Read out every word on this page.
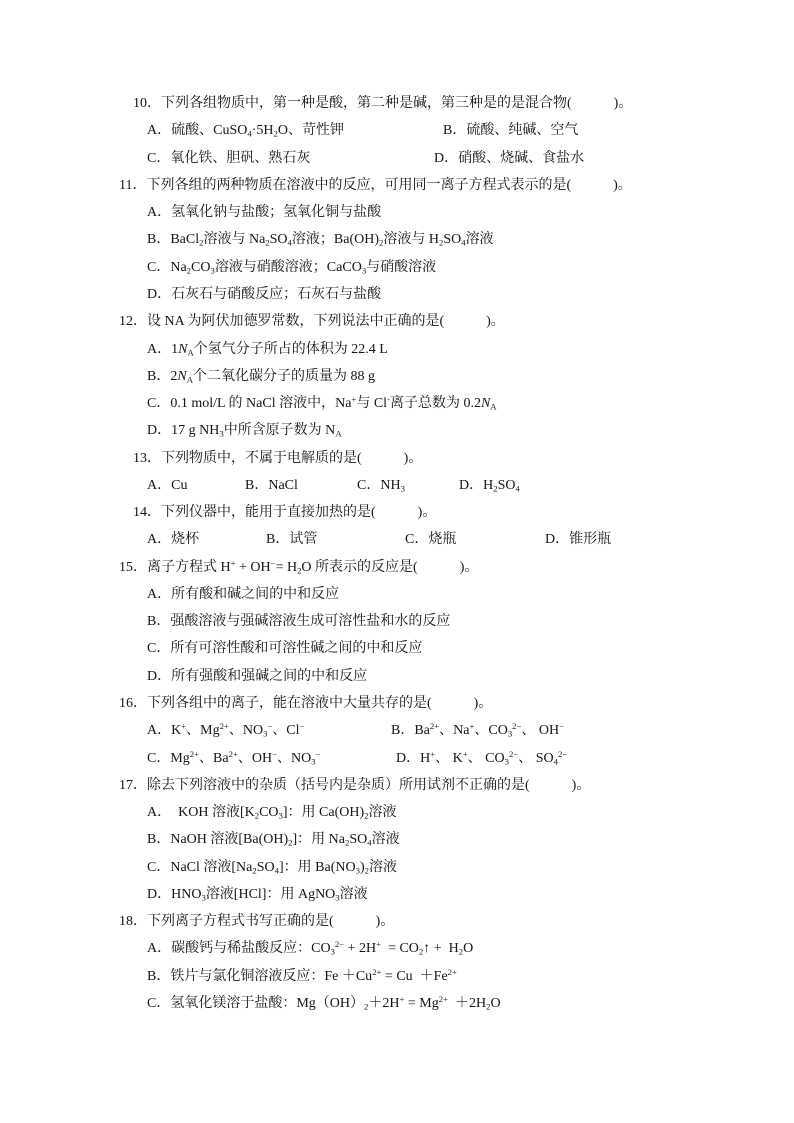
10．下列各组物质中，第一种是酸，第二种是碱，第三种是的是混合物(　　　)。
A．硫酸、$CuSO_4\cdot 5H_2O$、苛性钾	B．硫酸、纯碱、空气
C．氧化铁、胆矾、熟石灰	D．硝酸、烧碱、食盐水
11．下列各组的两种物质在溶液中的反应，可用同一离子方程式表示的是(　　　)。
A．氢氧化钠与盐酸；氢氧化铜与盐酸
B．BaCl$_2$溶液与 $Na_2SO_4$溶液；$Ba(OH)_2$溶液与 $H_2SO_4$溶液
C．$Na_2CO_3$溶液与硝酸溶液；CaCO$_3$与硝酸溶液
D．石灰石与硝酸反应；石灰石与盐酸
12．设 NA 为阿伏加德罗常数，下列说法中正确的是(　　　)。
A．$1N_A$个氢气分子所占的体积为 22.4 L
B．$2N_A$个二氧化碳分子的质量为 88 g
C．0.1 mol/L 的 NaCl 溶液中，Na+与 Cl-离子总数为 $0.2N_A$
D．17 g $NH_3$中所含原子数为 $N_A$
13．下列物质中，不属于电解质的是(　　　)。
A．Cu	B．NaCl	C．$NH_3$	D．$H_2SO_4$
14．下列仪器中，能用于直接加热的是(　　　)。
A．烧杯	B．试管	C．烧瓶	D．锥形瓶
15．离子方程式 $H^+ + OH^-= H_2O$ 所表示的反应是(　　　)。
A．所有酸和碱之间的中和反应
B．强酸溶液与强碱溶液生成可溶性盐和水的反应
C．所有可溶性酸和可溶性碱之间的中和反应
D．所有强酸和强碱之间的中和反应
16．下列各组中的离子，能在溶液中大量共存的是(　　　)。
A．K+、$Mg^{2+}$、$NO_3^-$、Cl−	B．$Ba^{2+}$、Na+、$CO_3^{2-}$、 OH−
C．$Mg^{2+}$、$Ba^{2+}$、OH−、$NO_3^-$	D．H+、 K+、 $CO_3^{2-}$、 $SO_4^{2-}$
17．除去下列溶液中的杂质（括号内是杂质）所用试剂不正确的是(　　　)。
A．  KOH 溶液$[K_2CO_3]$：用 $Ca(OH)_2$溶液
B．NaOH 溶液$[Ba(OH)_2]$：用 $Na_2SO_4$溶液
C．NaCl 溶液$[Na_2SO_4]$：用 $Ba(NO_3)_2$溶液
D．$HNO_3$溶液[HCl]：用 AgNO$_3$溶液
18．下列离子方程式书写正确的是(　　　)。
A．碳酸钙与稀盐酸反应：$CO_3^{2-} + 2H^+$  = $CO_2↑ + H_2O$
B．铁片与氯化铜溶液反应：$Fe +Cu^{2+} = Cu +Fe^{2+}$
C．氢氧化镁溶于盐酸：$Mg(OH)_2+2H^+ = Mg^{2+} +2H_2O$
